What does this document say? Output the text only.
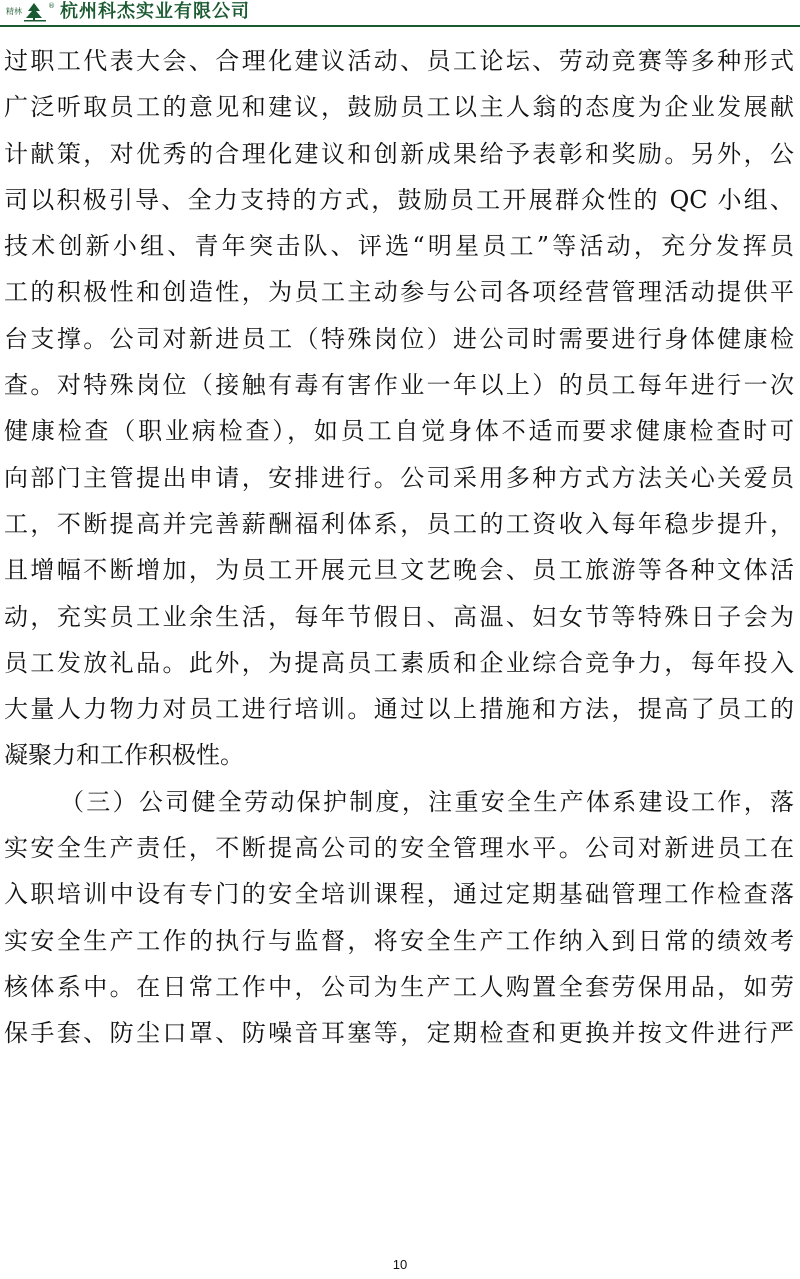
精林
® 杭州科杰实业有限公司
过职工代表大会、合理化建议活动、员工论坛、劳动竞赛等多种形式
广泛听取员工的意见和建议，鼓励员工以主人翁的态度为企业发展献
计献策，对优秀的合理化建议和创新成果给予表彰和奖励。另外，公
司以积极引导、全力支持的方式，鼓励员工开展群众性的 QC 小组、
技术创新小组、青年突击队、评选“明星员工”等活动，充分发挥员
工的积极性和创造性，为员工主动参与公司各项经营管理活动提供平
台支撑。公司对新进员工（特殊岗位）进公司时需要进行身体健康检
查。对特殊岗位（接触有毒有害作业一年以上）的员工每年进行一次
健康检查（职业病检查），如员工自觉身体不适而要求健康检查时可
向部门主管提出申请，安排进行。公司采用多种方式方法关心关爱员
工，不断提高并完善薪酬福利体系，员工的工资收入每年稳步提升，
且增幅不断增加，为员工开展元旦文艺晚会、员工旅游等各种文体活
动，充实员工业余生活，每年节假日、高温、妇女节等特殊日子会为
员工发放礼品。此外，为提高员工素质和企业综合竞争力，每年投入
大量人力物力对员工进行培训。通过以上措施和方法，提高了员工的
凝聚力和工作积极性。
（三）公司健全劳动保护制度，注重安全生产体系建设工作，落
实安全生产责任，不断提高公司的安全管理水平。公司对新进员工在
入职培训中设有专门的安全培训课程，通过定期基础管理工作检查落
实安全生产工作的执行与监督，将安全生产工作纳入到日常的绩效考
核体系中。在日常工作中，公司为生产工人购置全套劳保用品，如劳
保手套、防尘口罩、防噪音耳塞等，定期检查和更换并按文件进行严
10
